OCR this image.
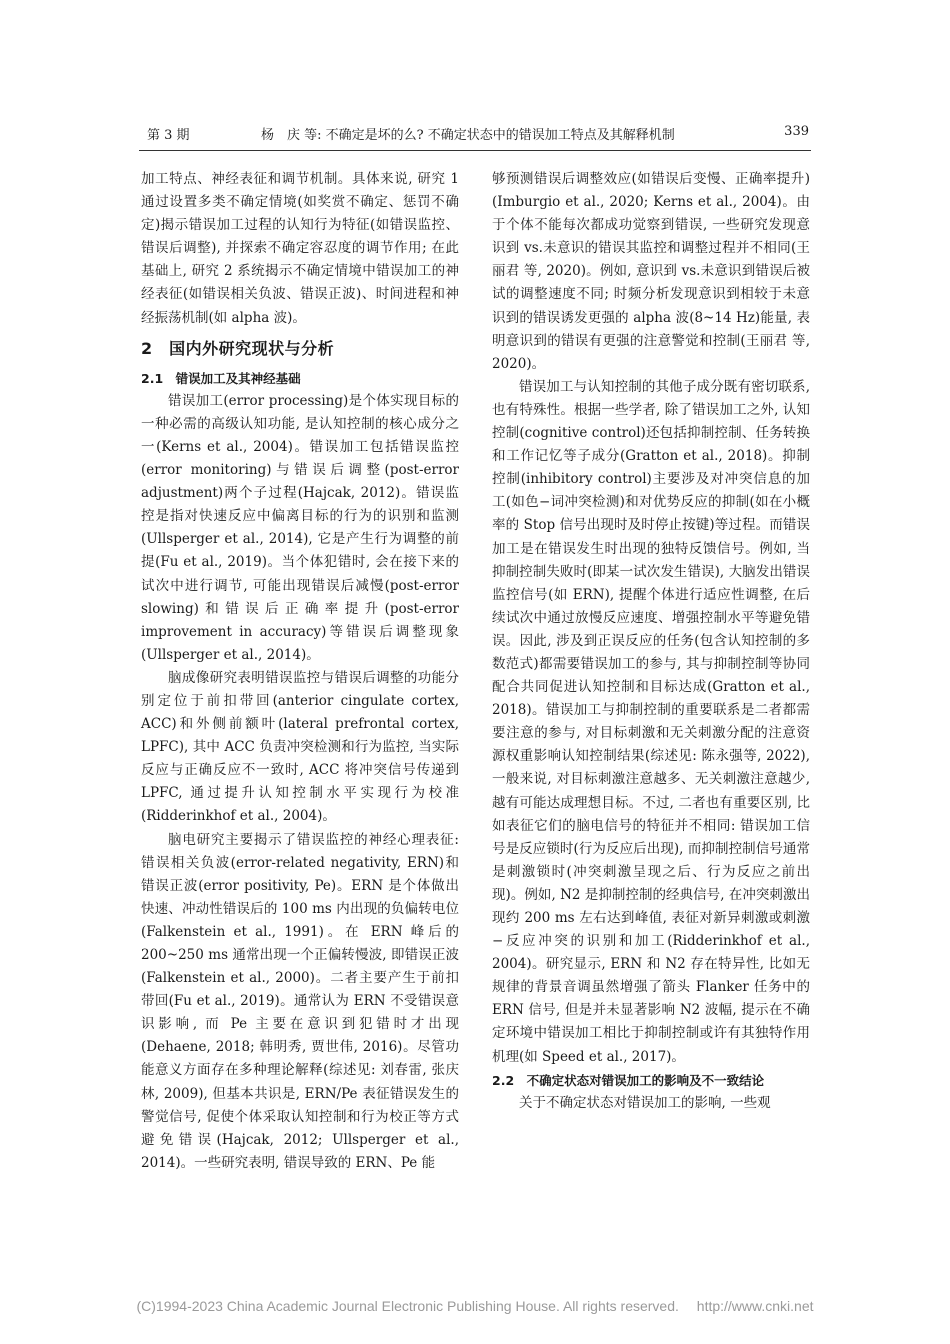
第 3 期	杨　庆 等: 不确定是坏的么? 不确定状态中的错误加工特点及其解释机制	339

加工特点、神经表征和调节机制。具体来说, 研究 1 通过设置多类不确定情境(如奖赏不确定、惩罚不确定)揭示错误加工过程的认知行为特征(如错误监控、错误后调整), 并探索不确定容忍度的调节作用; 在此基础上, 研究 2 系统揭示不确定情境中错误加工的神经表征(如错误相关负波、错误正波)、时间进程和神经振荡机制(如 alpha 波)。

2　国内外研究现状与分析
2.1　错误加工及其神经基础

错误加工(error processing)是个体实现目标的一种必需的高级认知功能, 是认知控制的核心成分之一(Kerns et al., 2004)。错误加工包括错误监控(error monitoring)与错误后调整(post-error adjustment)两个子过程(Hajcak, 2012)。错误监控是指对快速反应中偏离目标的行为的识别和监测(Ullsperger et al., 2014), 它是产生行为调整的前提(Fu et al., 2019)。当个体犯错时, 会在接下来的试次中进行调节, 可能出现错误后减慢(post-error slowing)和错误后正确率提升(post-error improvement in accuracy)等错误后调整现象(Ullsperger et al., 2014)。

脑成像研究表明错误监控与错误后调整的功能分别定位于前扣带回(anterior cingulate cortex, ACC)和外侧前额叶(lateral prefrontal cortex, LPFC), 其中 ACC 负责冲突检测和行为监控, 当实际反应与正确反应不一致时, ACC 将冲突信号传递到 LPFC, 通过提升认知控制水平实现行为校准(Ridderinkhof et al., 2004)。

脑电研究主要揭示了错误监控的神经心理表征: 错误相关负波(error-related negativity, ERN)和错误正波(error positivity, Pe)。ERN 是个体做出快速、冲动性错误后的 100 ms 内出现的负偏转电位(Falkenstein et al., 1991)。在 ERN 峰后的 200~250 ms 通常出现一个正偏转慢波, 即错误正波(Falkenstein et al., 2000)。二者主要产生于前扣带回(Fu et al., 2019)。通常认为 ERN 不受错误意识影响, 而 Pe 主要在意识到犯错时才出现(Dehaene, 2018; 韩明秀, 贾世伟, 2016)。尽管功能意义方面存在多种理论解释(综述见: 刘春雷, 张庆林, 2009), 但基本共识是, ERN/Pe 表征错误发生的警觉信号, 促使个体采取认知控制和行为校正等方式避免错误(Hajcak, 2012; Ullsperger et al., 2014)。一些研究表明, 错误导致的 ERN、Pe 能

够预测错误后调整效应(如错误后变慢、正确率提升) (Imburgio et al., 2020; Kerns et al., 2004)。由于个体不能每次都成功觉察到错误, 一些研究发现意识到 vs.未意识的错误其监控和调整过程并不相同(王丽君 等, 2020)。例如, 意识到 vs.未意识到错误后被试的调整速度不同; 时频分析发现意识到相较于未意识到的错误诱发更强的 alpha 波(8~14 Hz)能量, 表明意识到的错误有更强的注意警觉和控制(王丽君 等, 2020)。

错误加工与认知控制的其他子成分既有密切联系, 也有特殊性。根据一些学者, 除了错误加工之外, 认知控制(cognitive control)还包括抑制控制、任务转换和工作记忆等子成分(Gratton et al., 2018)。抑制控制(inhibitory control)主要涉及对冲突信息的加工(如色−词冲突检测)和对优势反应的抑制(如在小概率的 Stop 信号出现时及时停止按键)等过程。而错误加工是在错误发生时出现的独特反馈信号。例如, 当抑制控制失败时(即某一试次发生错误), 大脑发出错误监控信号(如 ERN), 提醒个体进行适应性调整, 在后续试次中通过放慢反应速度、增强控制水平等避免错误。因此, 涉及到正误反应的任务(包含认知控制的多数范式)都需要错误加工的参与, 其与抑制控制等协同配合共同促进认知控制和目标达成(Gratton et al., 2018)。错误加工与抑制控制的重要联系是二者都需要注意的参与, 对目标刺激和无关刺激分配的注意资源权重影响认知控制结果(综述见: 陈永强等, 2022), 一般来说, 对目标刺激注意越多、无关刺激注意越少, 越有可能达成理想目标。不过, 二者也有重要区别, 比如表征它们的脑电信号的特征并不相同: 错误加工信号是反应锁时(行为反应后出现), 而抑制控制信号通常是刺激锁时(冲突刺激呈现之后、行为反应之前出现)。例如, N2 是抑制控制的经典信号, 在冲突刺激出现约 200 ms 左右达到峰值, 表征对新异刺激或刺激−反应冲突的识别和加工(Ridderinkhof et al., 2004)。研究显示, ERN 和 N2 存在特异性, 比如无规律的背景音调虽然增强了箭头 Flanker 任务中的 ERN 信号, 但是并未显著影响 N2 波幅, 提示在不确定环境中错误加工相比于抑制控制或许有其独特作用机理(如 Speed et al., 2017)。

2.2　不确定状态对错误加工的影响及不一致结论

关于不确定状态对错误加工的影响, 一些观

(C)1994-2023 China Academic Journal Electronic Publishing House. All rights reserved.　 http://www.cnki.net
